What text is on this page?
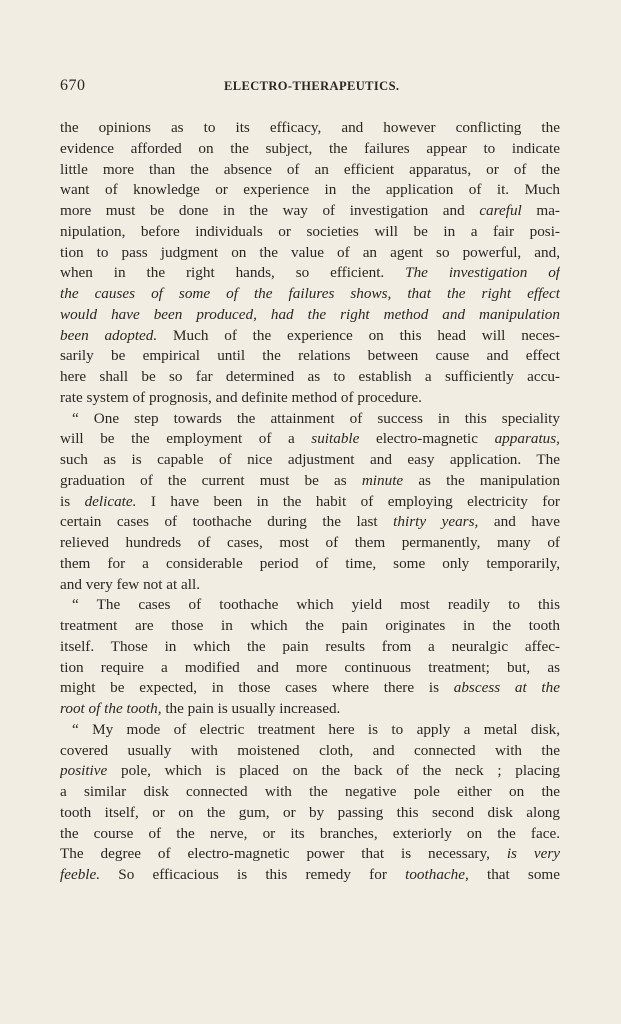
670	ELECTRO-THERAPEUTICS.
the opinions as to its efficacy, and however conflicting the
evidence afforded on the subject, the failures appear to indicate
little more than the absence of an efficient apparatus, or of the
want of knowledge or experience in the application of it. Much
more must be done in the way of investigation and careful ma-
nipulation, before individuals or societies will be in a fair posi-
tion to pass judgment on the value of an agent so powerful, and,
when in the right hands, so efficient. The investigation of
the causes of some of the failures shows, that the right effect
would have been produced, had the right method and manipulation
been adopted. Much of the experience on this head will neces-
sarily be empirical until the relations between cause and effect
here shall be so far determined as to establish a sufficiently accu-
rate system of prognosis, and definite method of procedure.
“ One step towards the attainment of success in this speciality
will be the employment of a suitable electro-magnetic apparatus,
such as is capable of nice adjustment and easy application. The
graduation of the current must be as minute as the manipulation
is delicate. I have been in the habit of employing electricity for
certain cases of toothache during the last thirty years, and have
relieved hundreds of cases, most of them permanently, many of
them for a considerable period of time, some only temporarily,
and very few not at all.
“ The cases of toothache which yield most readily to this
treatment are those in which the pain originates in the tooth
itself. Those in which the pain results from a neuralgic affec-
tion require a modified and more continuous treatment; but, as
might be expected, in those cases where there is abscess at the
root of the tooth, the pain is usually increased.
“ My mode of electric treatment here is to apply a metal disk,
covered usually with moistened cloth, and connected with the
positive pole, which is placed on the back of the neck ; placing
a similar disk connected with the negative pole either on the
tooth itself, or on the gum, or by passing this second disk along
the course of the nerve, or its branches, exteriorly on the face.
The degree of electro-magnetic power that is necessary, is very
feeble. So efficacious is this remedy for toothache, that some
